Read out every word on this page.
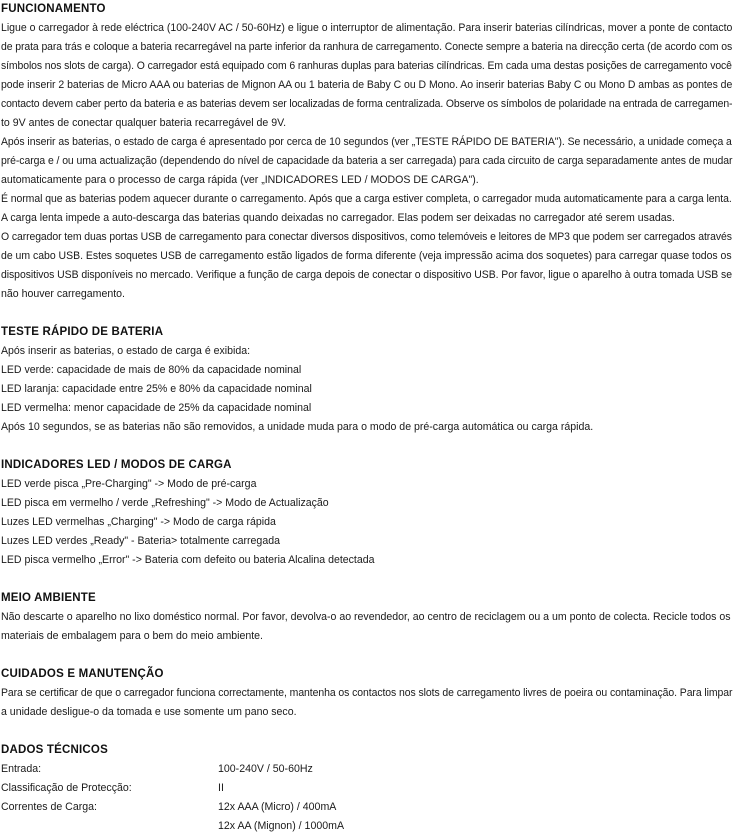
FUNCIONAMENTO
Ligue o carregador à rede eléctrica (100-240V AC / 50-60Hz) e ligue o interruptor de alimentação. Para inserir baterias cilíndricas, mover a ponte de contacto
de prata para trás e coloque a bateria recarregável na parte inferior da ranhura de carregamento. Conecte sempre a bateria na direcção certa (de acordo com os
símbolos nos slots de carga). O carregador está equipado com 6 ranhuras duplas para baterias cilíndricas. Em cada uma destas posições de carregamento você
pode inserir 2 baterias de Micro AAA ou baterias de Mignon AA ou 1 bateria de Baby C ou D Mono. Ao inserir baterias Baby C ou Mono D ambas as pontes de
contacto devem caber perto da bateria e as baterias devem ser localizadas de forma centralizada. Observe os símbolos de polaridade na entrada de carregamen-
to 9V antes de conectar qualquer bateria recarregável de 9V.
Após inserir as baterias, o estado de carga é apresentado por cerca de 10 segundos (ver „TESTE RÁPIDO DE BATERIA"). Se necessário, a unidade começa a
pré-carga e / ou uma actualização (dependendo do nível de capacidade da bateria a ser carregada) para cada circuito de carga separadamente antes de mudar
automaticamente para o processo de carga rápida (ver „INDICADORES LED / MODOS DE CARGA").
É normal que as baterias podem aquecer durante o carregamento. Após que a carga estiver completa, o carregador muda automaticamente para a carga lenta.
A carga lenta impede a auto-descarga das baterias quando deixadas no carregador. Elas podem ser deixadas no carregador até serem usadas.
O carregador tem duas portas USB de carregamento para conectar diversos dispositivos, como telemóveis e leitores de MP3 que podem ser carregados através
de um cabo USB. Estes soquetes USB de carregamento estão ligados de forma diferente (veja impressão acima dos soquetes) para carregar quase todos os
dispositivos USB disponíveis no mercado. Verifique a função de carga depois de conectar o dispositivo USB. Por favor, ligue o aparelho à outra tomada USB se
não houver carregamento.
TESTE RÁPIDO DE BATERIA
Após inserir as baterias, o estado de carga é exibida:
LED verde: capacidade de mais de 80% da capacidade nominal
LED laranja: capacidade entre 25% e 80% da capacidade nominal
LED vermelha: menor capacidade de 25% da capacidade nominal
Após 10 segundos, se as baterias não são removidos, a unidade muda para o modo de pré-carga automática ou carga rápida.
INDICADORES LED / MODOS DE CARGA
LED verde pisca „Pre-Charging" -> Modo de pré-carga
LED pisca em vermelho / verde „Refreshing" -> Modo de Actualização
Luzes LED vermelhas „Charging" -> Modo de carga rápida
Luzes LED verdes „Ready" - Bateria> totalmente carregada
LED pisca vermelho „Error" -> Bateria com defeito ou bateria Alcalina detectada
MEIO AMBIENTE
Não descarte o aparelho no lixo doméstico normal. Por favor, devolva-o ao revendedor, ao centro de reciclagem ou a um ponto de colecta. Recicle todos os
materiais de embalagem para o bem do meio ambiente.
CUIDADOS E MANUTENÇÃO
Para se certificar de que o carregador funciona correctamente, mantenha os contactos nos slots de carregamento livres de poeira ou contaminação. Para limpar
a unidade desligue-o da tomada e use somente um pano seco.
DADOS TÉCNICOS
Entrada:	100-240V / 50-60Hz
Classificação de Protecção:	II
Correntes de Carga:	12x AAA (Micro) / 400mA
12x AA (Mignon) / 1000mA
